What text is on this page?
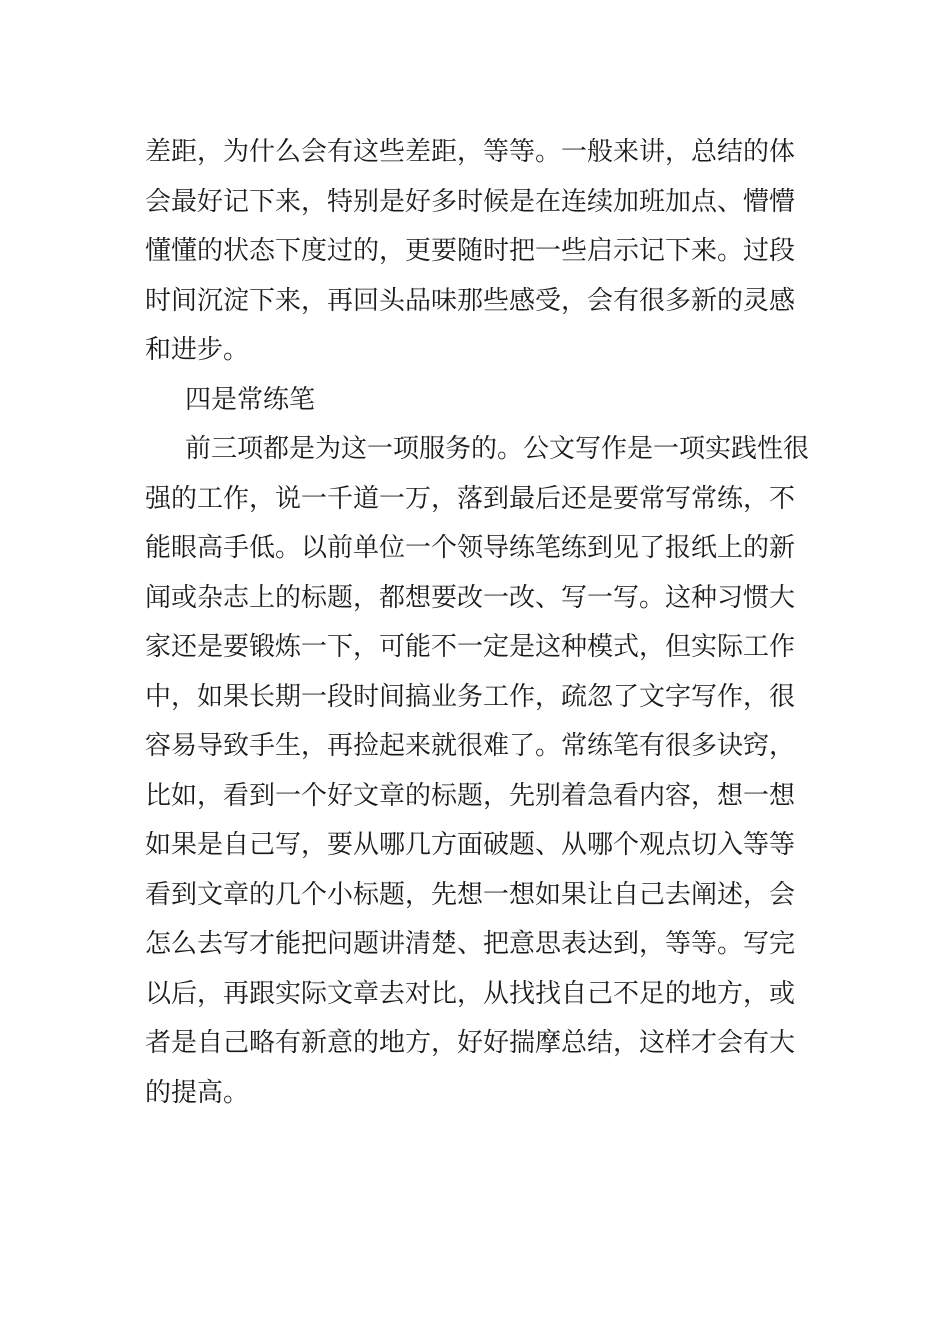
差距，为什么会有这些差距，等等。一般来讲，总结的体
会最好记下来，特别是好多时候是在连续加班加点、懵懵
懂懂的状态下度过的，更要随时把一些启示记下来。过段
时间沉淀下来，再回头品味那些感受，会有很多新的灵感
和进步。
四是常练笔
前三项都是为这一项服务的。公文写作是一项实践性很
强的工作，说一千道一万，落到最后还是要常写常练，不
能眼高手低。以前单位一个领导练笔练到见了报纸上的新
闻或杂志上的标题，都想要改一改、写一写。这种习惯大
家还是要锻炼一下，可能不一定是这种模式，但实际工作
中，如果长期一段时间搞业务工作，疏忽了文字写作，很
容易导致手生，再捡起来就很难了。常练笔有很多诀窍，
比如，看到一个好文章的标题，先别着急看内容，想一想
如果是自己写，要从哪几方面破题、从哪个观点切入等等
看到文章的几个小标题，先想一想如果让自己去阐述，会
怎么去写才能把问题讲清楚、把意思表达到，等等。写完
以后，再跟实际文章去对比，从找找自己不足的地方，或
者是自己略有新意的地方，好好揣摩总结，这样才会有大
的提高。
